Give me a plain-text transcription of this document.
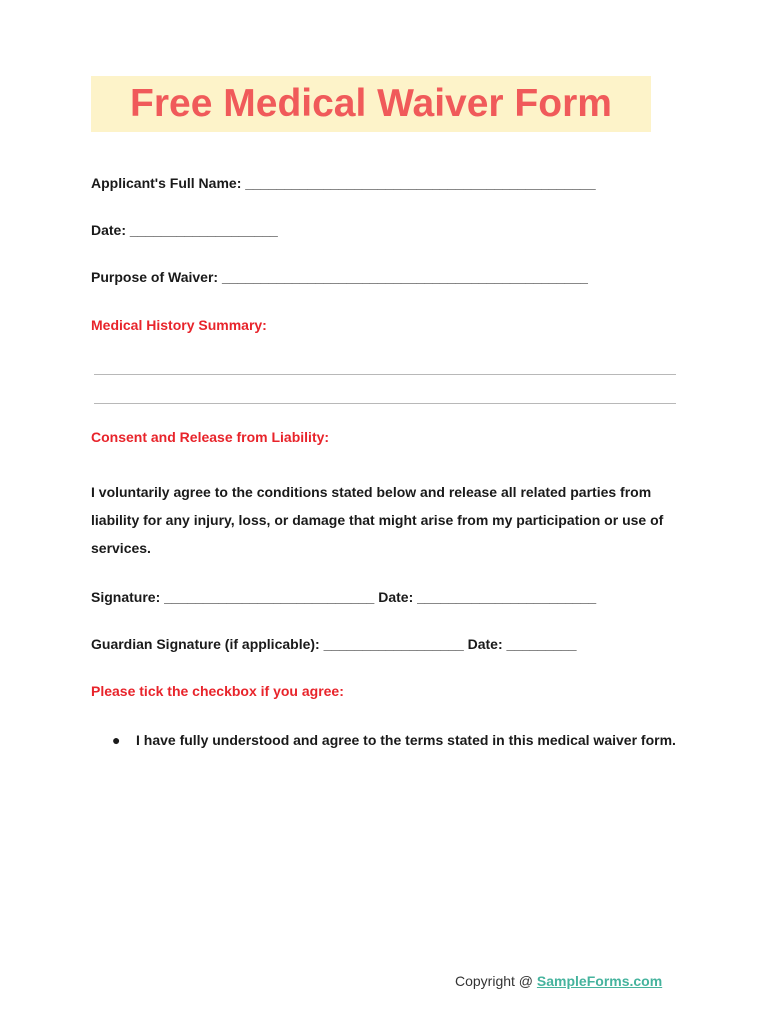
Free Medical Waiver Form
Applicant's Full Name: _____________________________________________
Date: ___________________
Purpose of Waiver: _______________________________________________
Medical History Summary:
Consent and Release from Liability:
I voluntarily agree to the conditions stated below and release all related parties from liability for any injury, loss, or damage that might arise from my participation or use of services.
Signature: ___________________________ Date: _______________________
Guardian Signature (if applicable): __________________ Date: _________
Please tick the checkbox if you agree:
● I have fully understood and agree to the terms stated in this medical waiver form.
Copyright @ SampleForms.com
